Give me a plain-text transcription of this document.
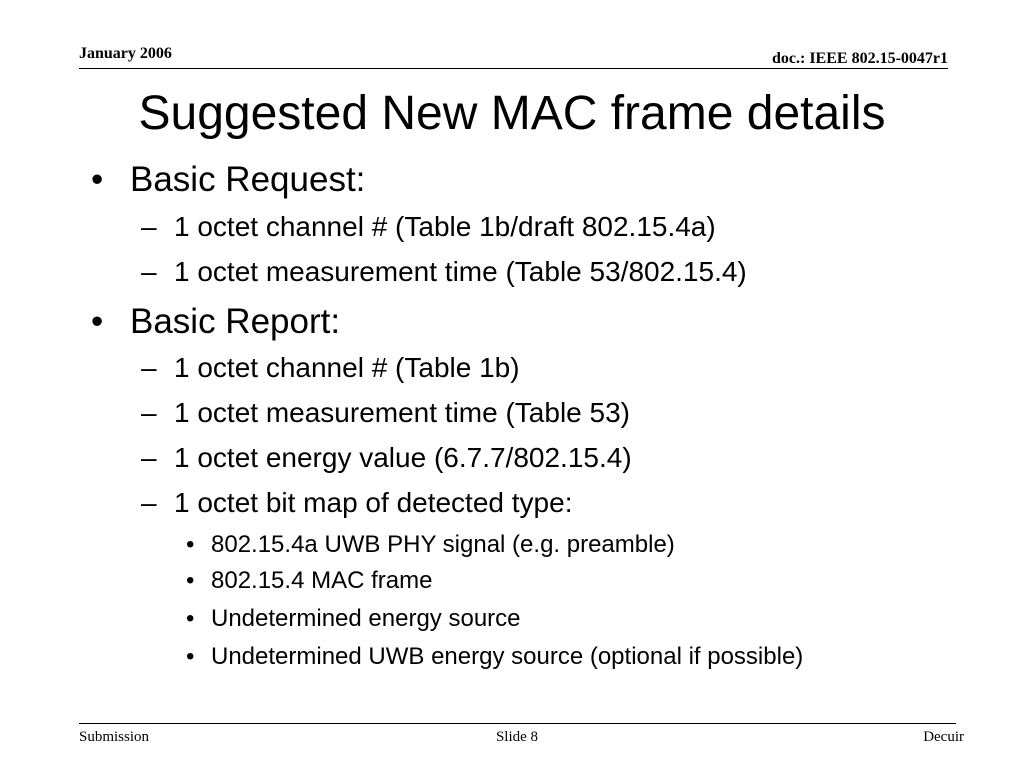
January 2006	doc.: IEEE 802.15-0047r1
Suggested New MAC frame details
• Basic Request:
– 1 octet channel # (Table 1b/draft 802.15.4a)
– 1 octet measurement time (Table 53/802.15.4)
• Basic Report:
– 1 octet channel # (Table 1b)
– 1 octet measurement time (Table 53)
– 1 octet energy value (6.7.7/802.15.4)
– 1 octet bit map of detected type:
• 802.15.4a UWB PHY signal (e.g. preamble)
• 802.15.4 MAC frame
• Undetermined energy source
• Undetermined UWB energy source (optional if possible)
Submission	Slide 8	Decuir
